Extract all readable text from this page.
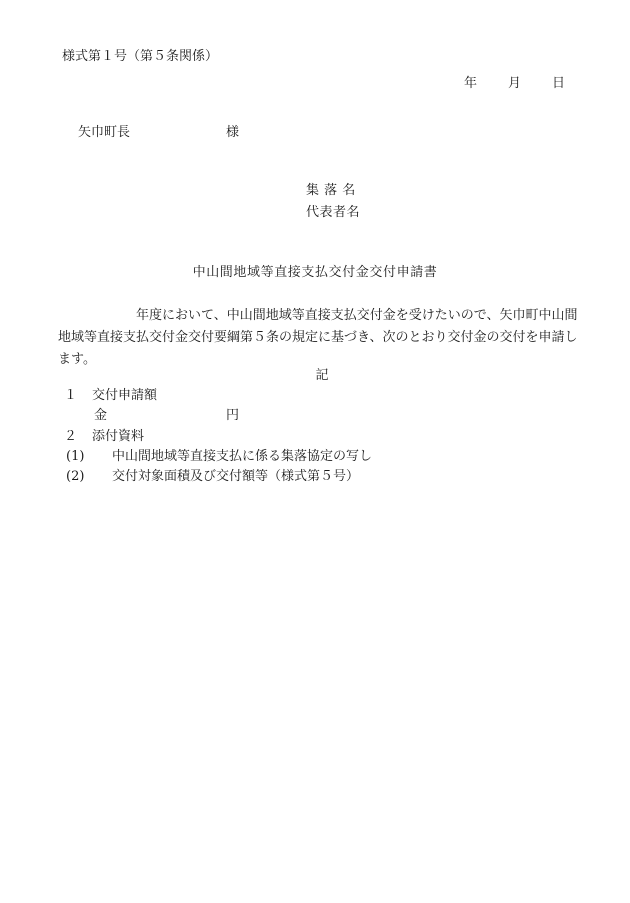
様式第１号（第５条関係）
年	月	日
矢巾町長	様
集 落 名
代表者名
中山間地域等直接支払交付金交付申請書
年度において、中山間地域等直接支払交付金を受けたいので、矢巾町中山間地域等直接支払交付金交付要綱第５条の規定に基づき、次のとおり交付金の交付を申請します。
記
１ 交付申請額
金	円
２ 添付資料
(1) 中山間地域等直接支払に係る集落協定の写し
(2) 交付対象面積及び交付額等（様式第５号）
